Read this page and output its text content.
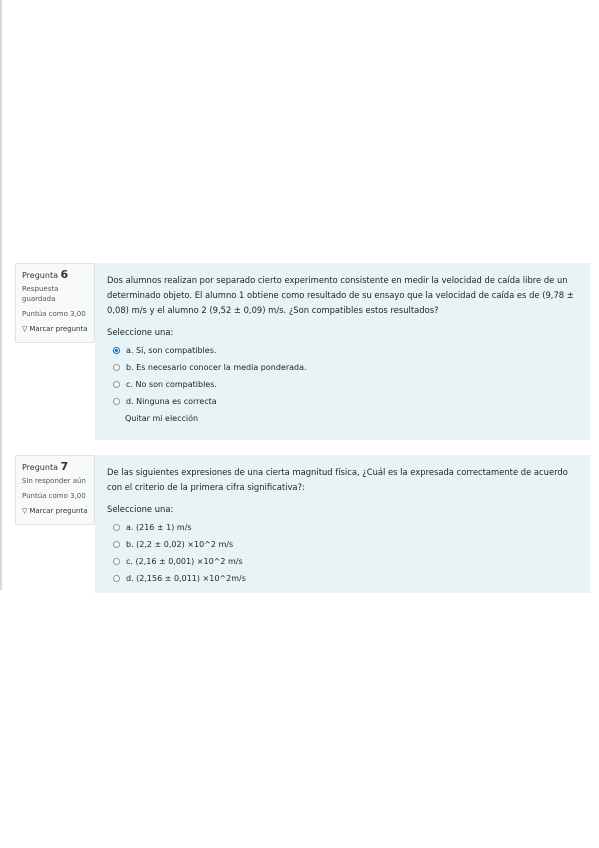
Pregunta 6
Respuesta guardada
Puntúa como 3,00
▽ Marcar pregunta
Dos alumnos realizan por separado cierto experimento consistente en medir la velocidad de caída libre de un determinado objeto. El alumno 1 obtiene como resultado de su ensayo que la velocidad de caída es de (9,78 ± 0,08) m/s y el alumno 2 (9,52 ± 0,09) m/s. ¿Son compatibles estos resultados?
Seleccione una:
a. Sí, son compatibles.
b. Es necesario conocer la media ponderada.
c. No son compatibles.
d. Ninguna es correcta
Quitar mi elección
Pregunta 7
Sin responder aún
Puntúa como 3,00
▽ Marcar pregunta
De las siguientes expresiones de una cierta magnitud física, ¿Cuál es la expresada correctamente de acuerdo con el criterio de la primera cifra significativa?:
Seleccione una:
a. (216 ± 1) m/s
b. (2,2 ± 0,02) ×10^2 m/s
c. (2,16 ± 0,001) ×10^2 m/s
d. (2,156 ± 0,011) ×10^2m/s
